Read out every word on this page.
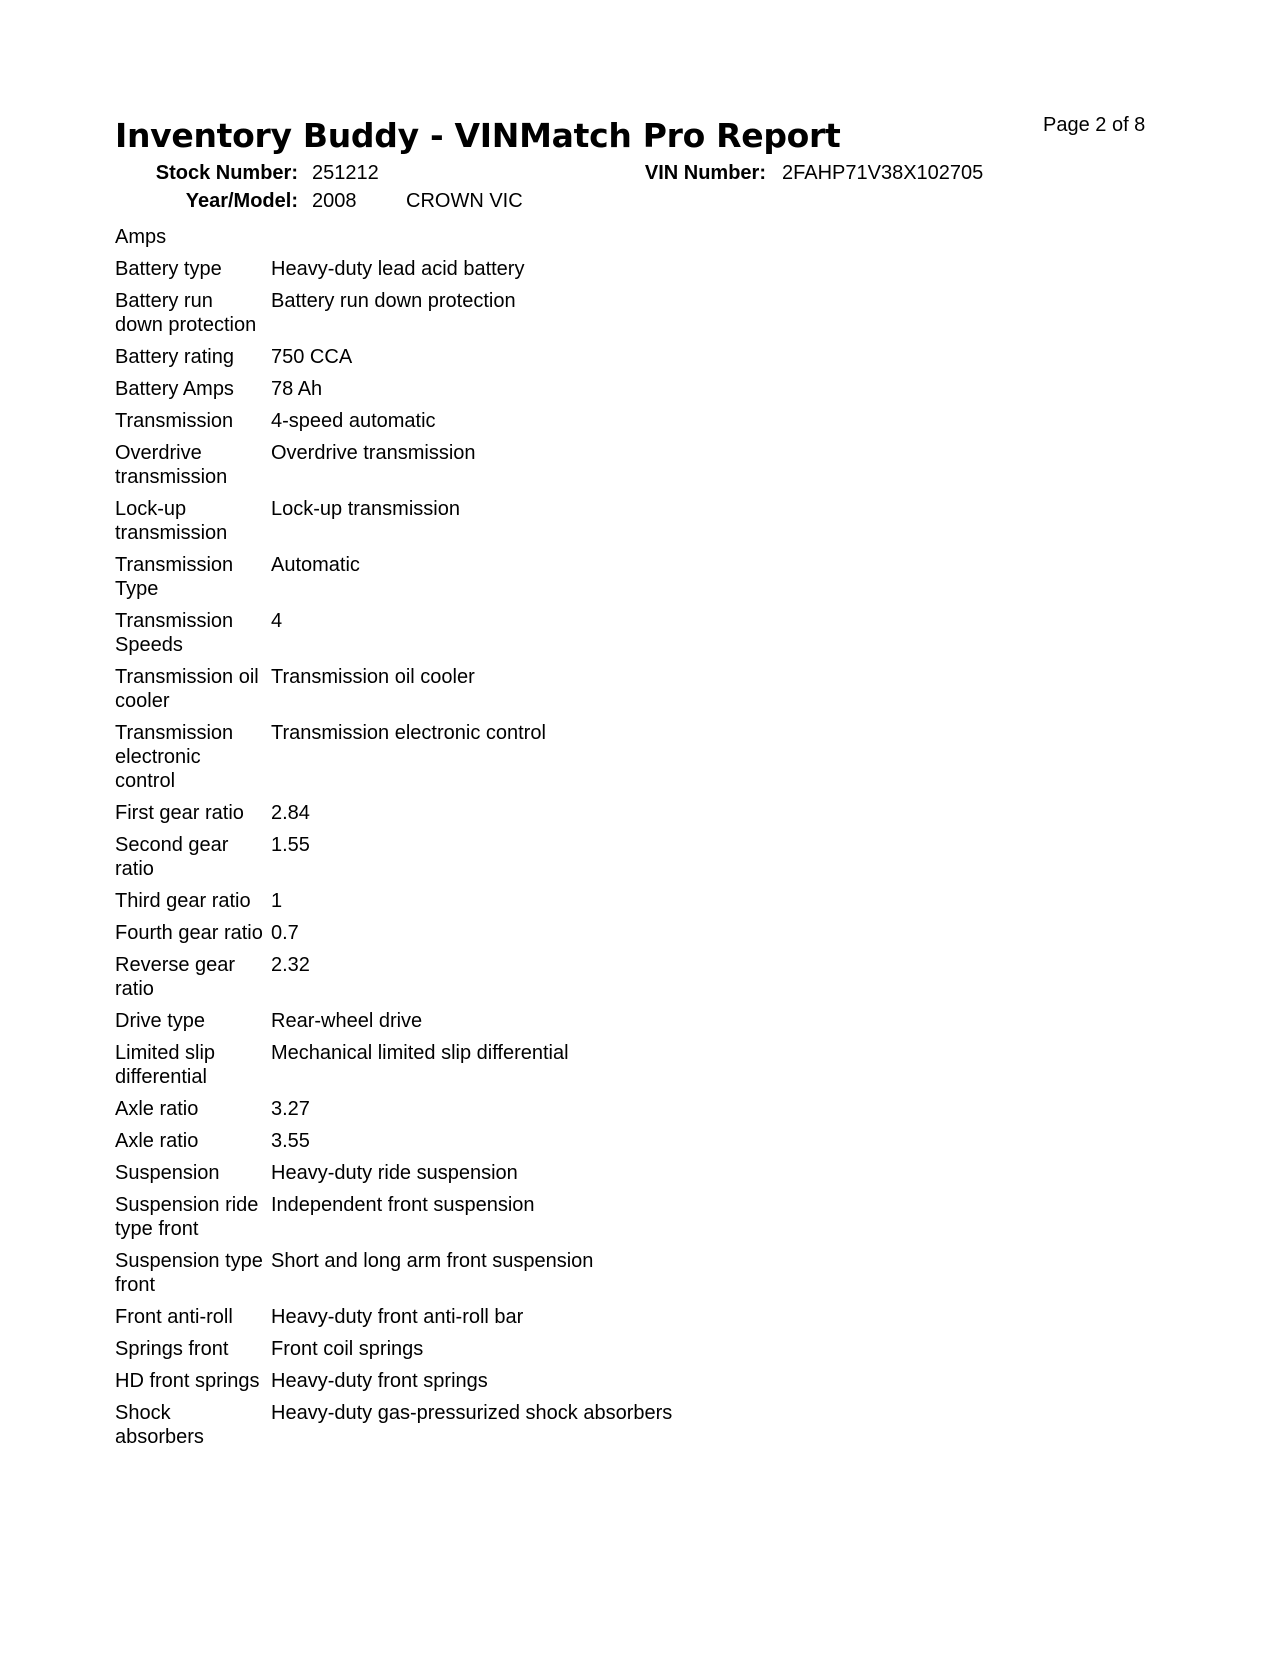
Page 2 of 8
Inventory Buddy - VINMatch Pro Report
Stock Number: 251212	VIN Number: 2FAHP71V38X102705
Year/Model: 2008 CROWN VIC
Amps	
Battery type	Heavy-duty lead acid battery
Battery run down protection	Battery run down protection
Battery rating	750 CCA
Battery Amps	78 Ah
Transmission	4-speed automatic
Overdrive transmission	Overdrive transmission
Lock-up transmission	Lock-up transmission
Transmission Type	Automatic
Transmission Speeds	4
Transmission oil cooler	Transmission oil cooler
Transmission electronic control	Transmission electronic control
First gear ratio	2.84
Second gear ratio	1.55
Third gear ratio	1
Fourth gear ratio	0.7
Reverse gear ratio	2.32
Drive type	Rear-wheel drive
Limited slip differential	Mechanical limited slip differential
Axle ratio	3.27
Axle ratio	3.55
Suspension	Heavy-duty ride suspension
Suspension ride type front	Independent front suspension
Suspension type front	Short and long arm front suspension
Front anti-roll	Heavy-duty front anti-roll bar
Springs front	Front coil springs
HD front springs	Heavy-duty front springs
Shock absorbers	Heavy-duty gas-pressurized shock absorbers
